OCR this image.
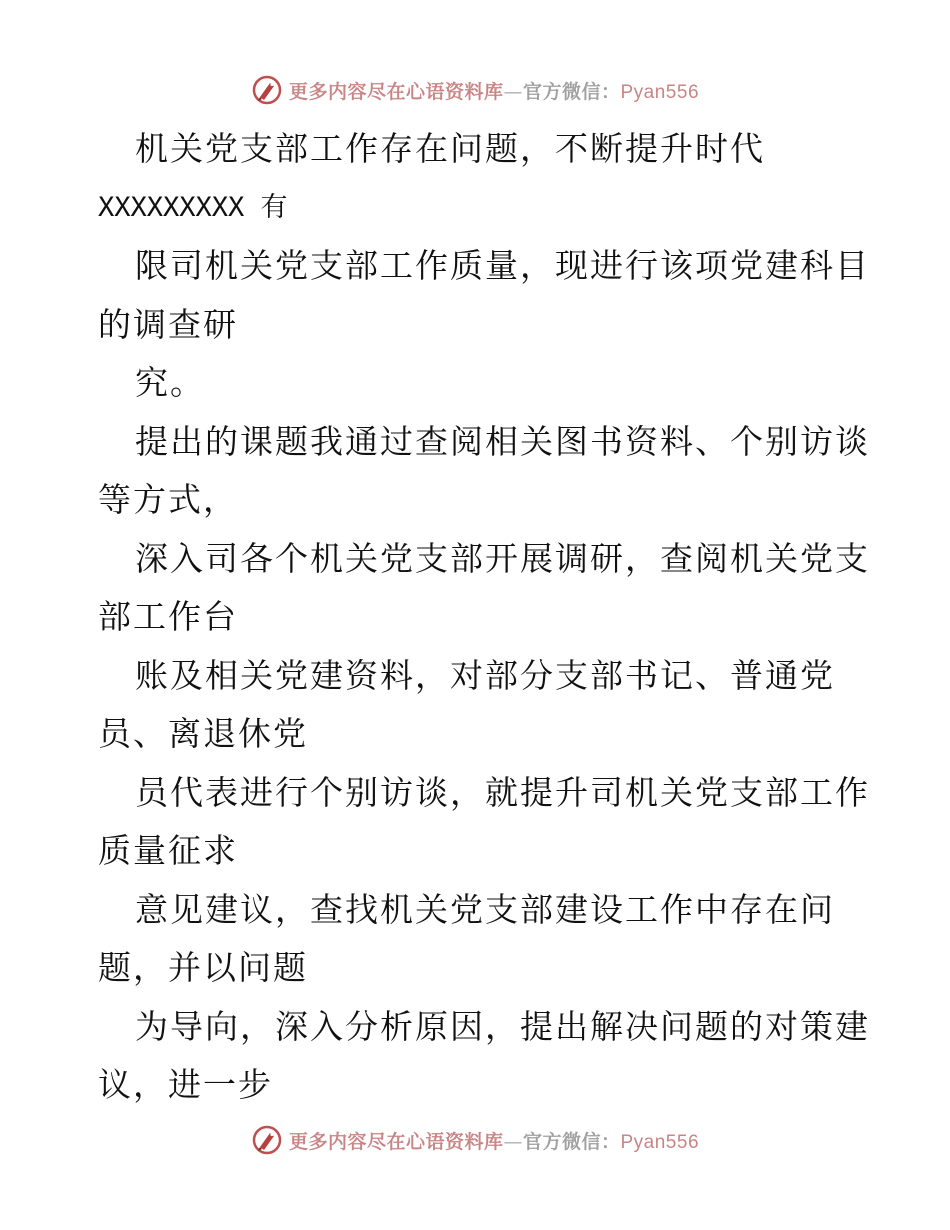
更多内容尽在心语资料库—官方微信：Pyan556
机关党支部工作存在问题，不断提升时代
XXXXXXXXX 有
限司机关党支部工作质量，现进行该项党建科目
的调查研
究。
提出的课题我通过查阅相关图书资料、个别访谈
等方式，
深入司各个机关党支部开展调研，查阅机关党支
部工作台
账及相关党建资料，对部分支部书记、普通党
员、离退休党
员代表进行个别访谈，就提升司机关党支部工作
质量征求
意见建议，查找机关党支部建设工作中存在问
题，并以问题
为导向，深入分析原因，提出解决问题的对策建
议，进一步
更多内容尽在心语资料库—官方微信：Pyan556
